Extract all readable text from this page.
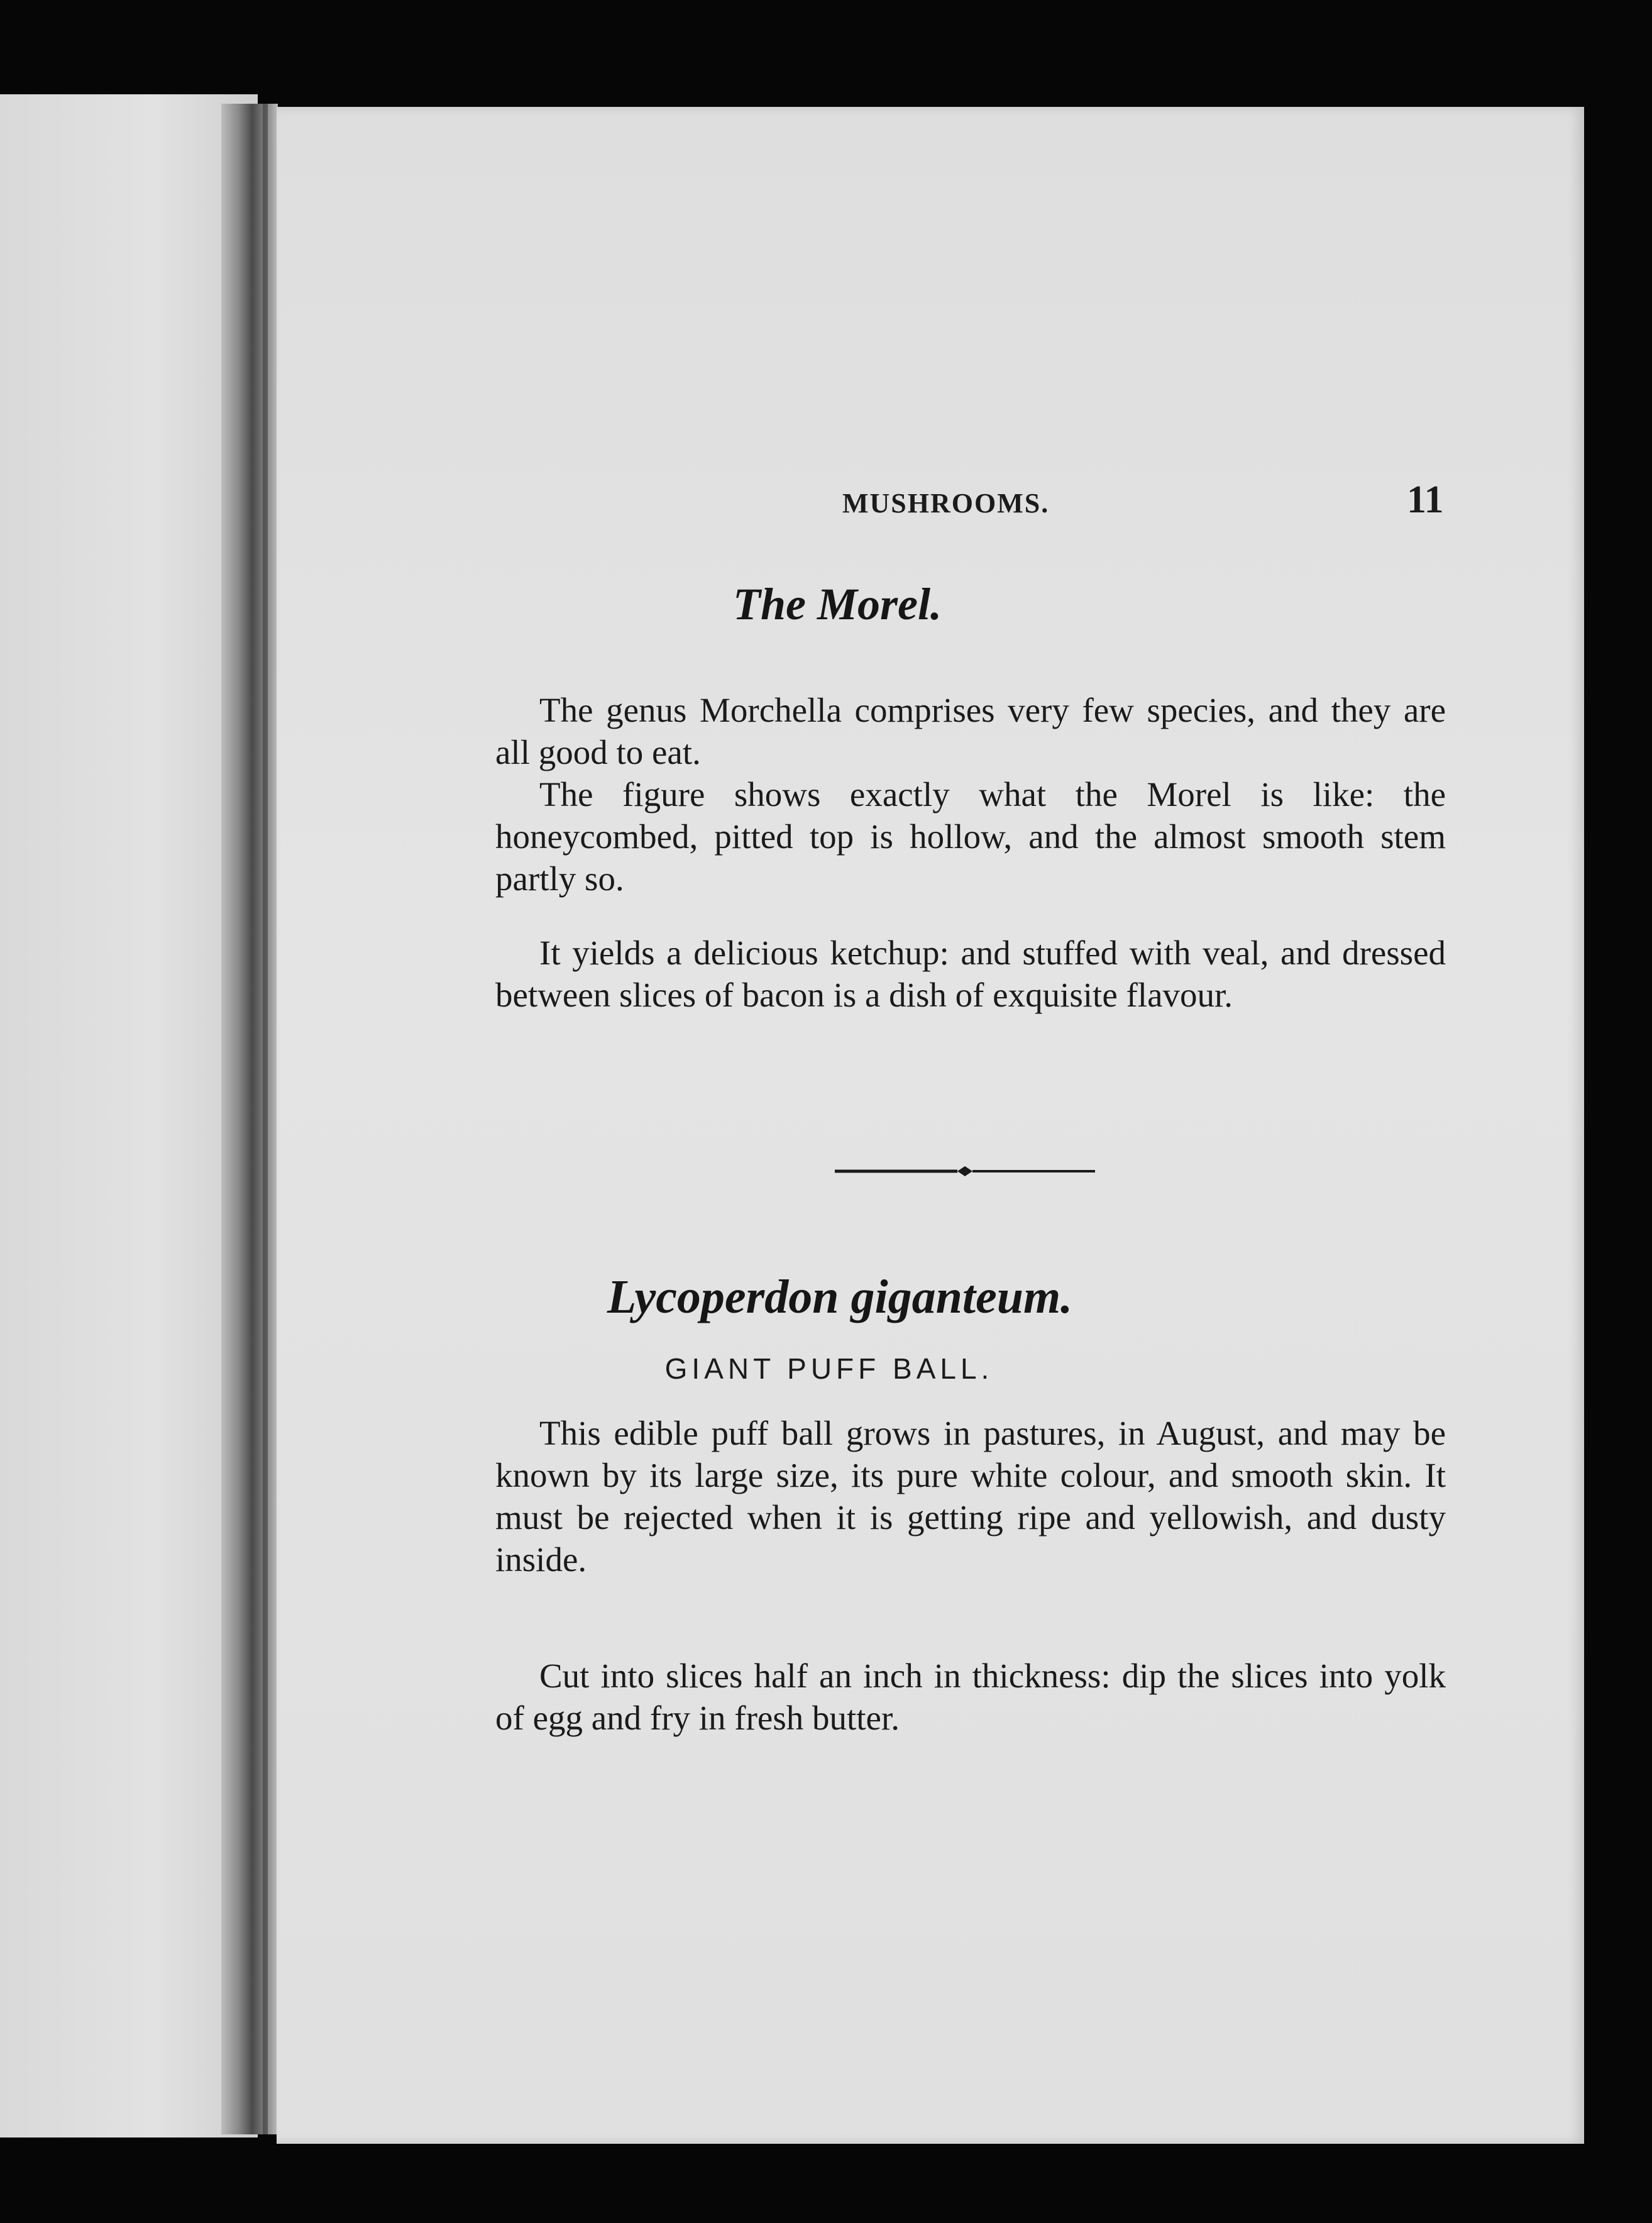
MUSHROOMS.	11
The Morel.

The genus Morchella comprises very few species, and they are all good to eat.

The figure shows exactly what the Morel is like: the honeycombed, pitted top is hollow, and the almost smooth stem partly so.

It yields a delicious ketchup: and stuffed with veal, and dressed between slices of bacon is a dish of exquisite flavour.

Lycoperdon giganteum.
GIANT PUFF BALL.

This edible puff ball grows in pastures, in August, and may be known by its large size, its pure white colour, and smooth skin. It must be rejected when it is getting ripe and yellowish, and dusty inside.

Cut into slices half an inch in thickness: dip the slices into yolk of egg and fry in fresh butter.
